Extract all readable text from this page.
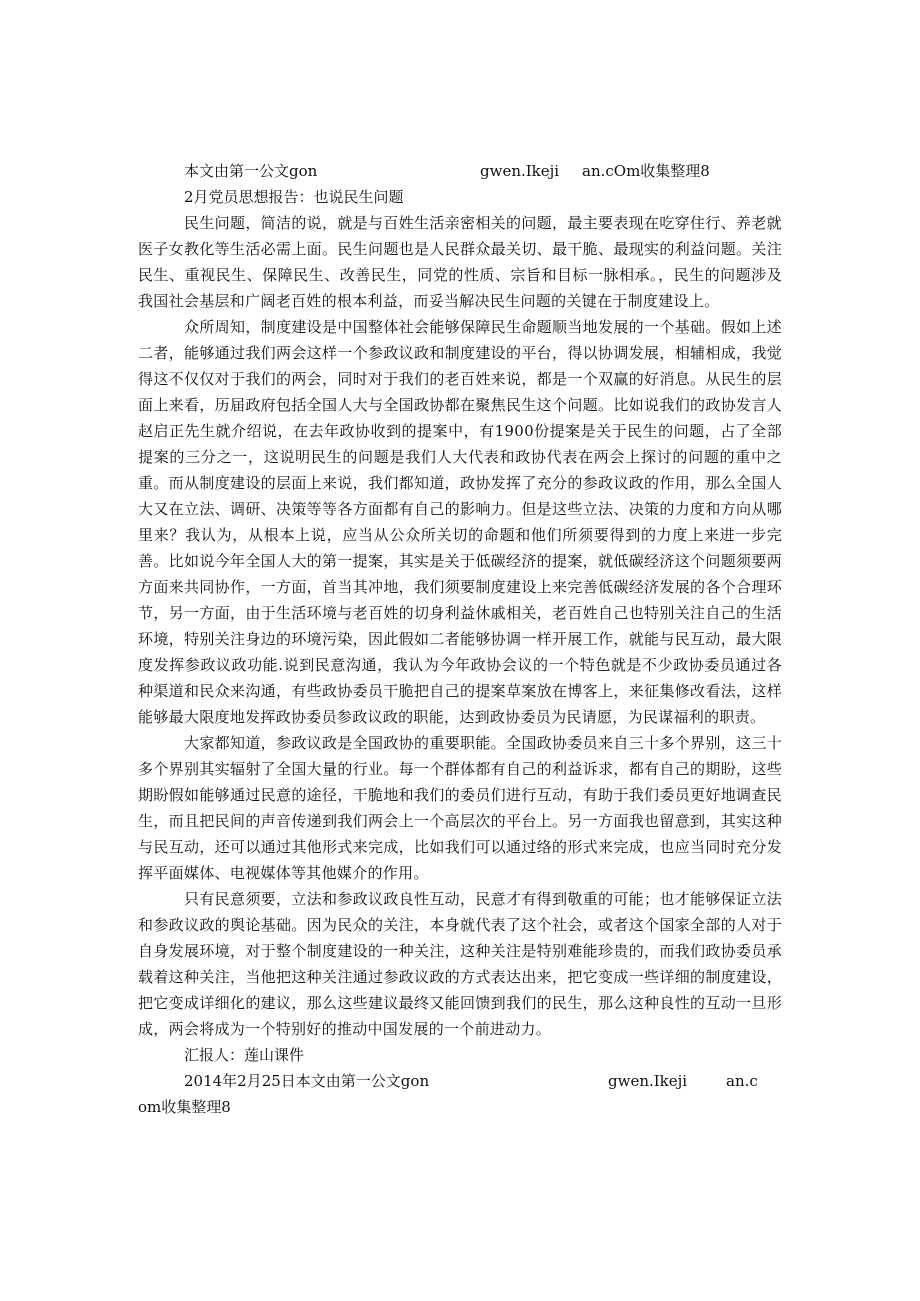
本文由第一公文gon

	gwen.Ikeji

an.cOm收集整理8

2月党员思想报告：也说民生问题

民生问题，简洁的说，就是与百姓生活亲密相关的问题，最主要表现在吃穿住行、养老就医子女教化等生活必需上面。民生问题也是人民群众最关切、最干脆、最现实的利益问题。关注民生、重视民生、保障民生、改善民生，同党的性质、宗旨和目标一脉相承。，民生的问题涉及我国社会基层和广阔老百姓的根本利益，而妥当解决民生问题的关键在于制度建设上。

众所周知，制度建设是中国整体社会能够保障民生命题顺当地发展的一个基础。假如上述二者，能够通过我们两会这样一个参政议政和制度建设的平台，得以协调发展，相辅相成，我觉得这不仅仅对于我们的两会，同时对于我们的老百姓来说，都是一个双赢的好消息。从民生的层面上来看，历届政府包括全国人大与全国政协都在聚焦民生这个问题。比如说我们的政协发言人赵启正先生就介绍说，在去年政协收到的提案中，有1900份提案是关于民生的问题，占了全部提案的三分之一，这说明民生的问题是我们人大代表和政协代表在两会上探讨的问题的重中之重。而从制度建设的层面上来说，我们都知道，政协发挥了充分的参政议政的作用，那么全国人大又在立法、调研、决策等等各方面都有自己的影响力。但是这些立法、决策的力度和方向从哪里来？我认为，从根本上说，应当从公众所关切的命题和他们所须要得到的力度上来进一步完善。比如说今年全国人大的第一提案，其实是关于低碳经济的提案，就低碳经济这个问题须要两方面来共同协作，一方面，首当其冲地，我们须要制度建设上来完善低碳经济发展的各个合理环节，另一方面，由于生活环境与老百姓的切身利益休戚相关，老百姓自己也特别关注自己的生活环境，特别关注身边的环境污染，因此假如二者能够协调一样开展工作，就能与民互动，最大限度发挥参政议政功能.说到民意沟通，我认为今年政协会议的一个特色就是不少政协委员通过各种渠道和民众来沟通，有些政协委员干脆把自己的提案草案放在博客上，来征集修改看法，这样能够最大限度地发挥政协委员参政议政的职能，达到政协委员为民请愿，为民谋福利的职责。

大家都知道，参政议政是全国政协的重要职能。全国政协委员来自三十多个界别，这三十多个界别其实辐射了全国大量的行业。每一个群体都有自己的利益诉求，都有自己的期盼，这些期盼假如能够通过民意的途径，干脆地和我们的委员们进行互动，有助于我们委员更好地调查民生，而且把民间的声音传递到我们两会上一个高层次的平台上。另一方面我也留意到，其实这种与民互动，还可以通过其他形式来完成，比如我们可以通过络的形式来完成，也应当同时充分发挥平面媒体、电视媒体等其他媒介的作用。

只有民意须要，立法和参政议政良性互动，民意才有得到敬重的可能；也才能够保证立法和参政议政的舆论基础。因为民众的关注，本身就代表了这个社会，或者这个国家全部的人对于自身发展环境，对于整个制度建设的一种关注，这种关注是特别难能珍贵的，而我们政协委员承载着这种关注，当他把这种关注通过参政议政的方式表达出来，把它变成一些详细的制度建设，把它变成详细化的建议，那么这些建议最终又能回馈到我们的民生，那么这种良性的互动一旦形成，两会将成为一个特别好的推动中国发展的一个前进动力。

汇报人：莲山课件

2014年2月25日本文由第一公文gon

	gwen.Ikeji

	an.c

om收集整理8
